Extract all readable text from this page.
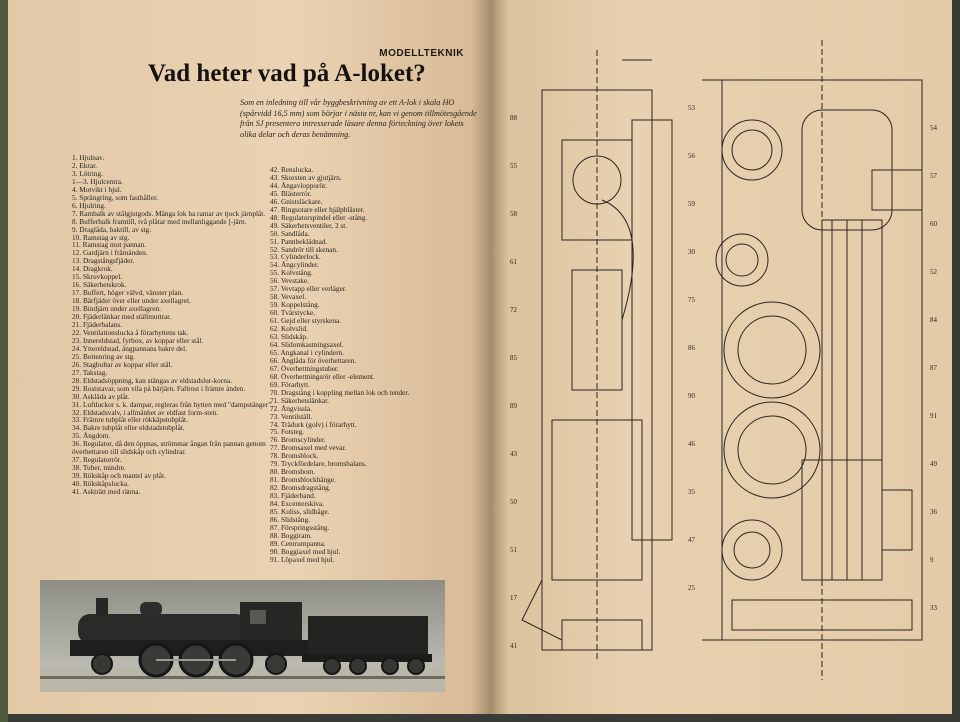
MODELLTEKNIK
Vad heter vad på A-loket?
Som en inledning till vår byggbeskrivning av ett A-lok i skala HO (spårvidd 16,5 mm) som börjar i nästa nr, kan vi genom tillmötesgående från SJ presentera intresserade läsare denna förteckning över lokets olika delar och deras benämning.
1. Hjulnav.
2. Ekrar.
3. Lötring.
1—3. Hjulcentra.
4. Motvikt i hjul.
5. Sprängring, som fasthåller.
6. Hjulring.
7. Rambalk av stålgjutgods. Många lok ha ramar av tjock järnplåt.
8. Bufferbalk framtill, två plåtar med mellanliggande [-järn.
9. Draglåda, baktill, av stg.
10. Ramstag av stg.
11. Ramstag mot pannan.
12. Gardjärn i främänden.
13. Dragstångsfjäder.
14. Dragkrok.
15. Skruvkoppel.
16. Säkerhetskrok.
17. Buffert, höger välvd, vänster plan.
18. Bärfjäder över eller under axellagret.
19. Bindjärn under axellagren.
20. Fjäderlänkar med ställmuttrar.
21. Fjäderbalans.
22. Ventilationslucka å förarhyttens tak.
23. Innereldstad, fyrbox, av koppar eller stål.
24. Yttereldstad, ångpannans bakre del.
25. Bottenring av stg.
26. Stagbultar av koppar eller stål.
27. Takstag.
28. Eldstadsöppning, kan stängas av eldstadslur-korna.
29. Roststavar, som vila på bärjärn. Fallrost i främre änden.
30. Askläda av plåt.
31. Luftluckor s. k. dampar, regleras från hytten med "dampstänger".
32. Eldstadsvalv, i allmänhet av eldfast form-sten.
33. Främre tubplåt eller rökkäpstubplåt.
34. Bakre tubplåt eller eldstadstubplåt.
35. Ångdom.
36. Regulator, då den öppnas, strömmar ångan från pannan genom överhettaren till slidskåp och cylindrar.
37. Regulatorrör.
38. Tuber, mindre.
39. Rökskåp och mantel av plåt.
40. Rökskåpslucka.
41. Askträtt med ränna.
42. Renslucka.
43. Skorsten av gjutjärn.
44. Ångavlopporör.
45. Blästerrör.
46. Gnistsläckare.
47. Ringsotare eller hjälpbläster.
48. Regulatorspindel eller -stång.
49. Säkerhetsventiler, 2 st.
50. Sandlåda.
51. Pannbeklädnad.
52. Sandrör till skenan.
53. Cylinderlock.
54. Ångcylinder.
55. Kolvstång.
56. Vevstake.
57. Vevtapp eller verläger.
58. Vevaxel.
59. Koppelstång.
60. Tvärstycke.
61. Gejd eller styrskena.
62. Kolvslid.
63. Slidskåp.
64. Slidomkastningsaxel.
65. Angkanal i cylindern.
66. Ånglåda för överhettaren.
67. Överhettningstuber.
68. Överhettningsrör eller -element.
69. Förarhytt.
70. Dragstång i koppling mellan lok och tender.
71. Säkerhetslänkar.
72. Ångvissla.
73. Ventilställ.
74. Trädurk (golv) i förarhytt.
75. Fotsteg.
76. Bromscylinder.
77. Bromsaxel med vevar.
78. Bromsblock.
79. Tryckfördelare, bromsbalans.
80. Bromsbom.
81. Bromsblockhänge.
82. Bromsdragstång.
83. Fjäderband.
84. Excenterskiva.
85. Kuliss, slidbåge.
86. Slidstång.
87. Förspringsstång.
88. Boggiram.
89. Centrumpanna.
90. Boggiaxel med hjul.
91. Löpaxel med hjul.
88
53
54
55
56
57
58
59
60
61
30
52
72
75
84
85
86
87
89
90
91
43
46
49
50
35
36
51
47
9
17
25
33
41
